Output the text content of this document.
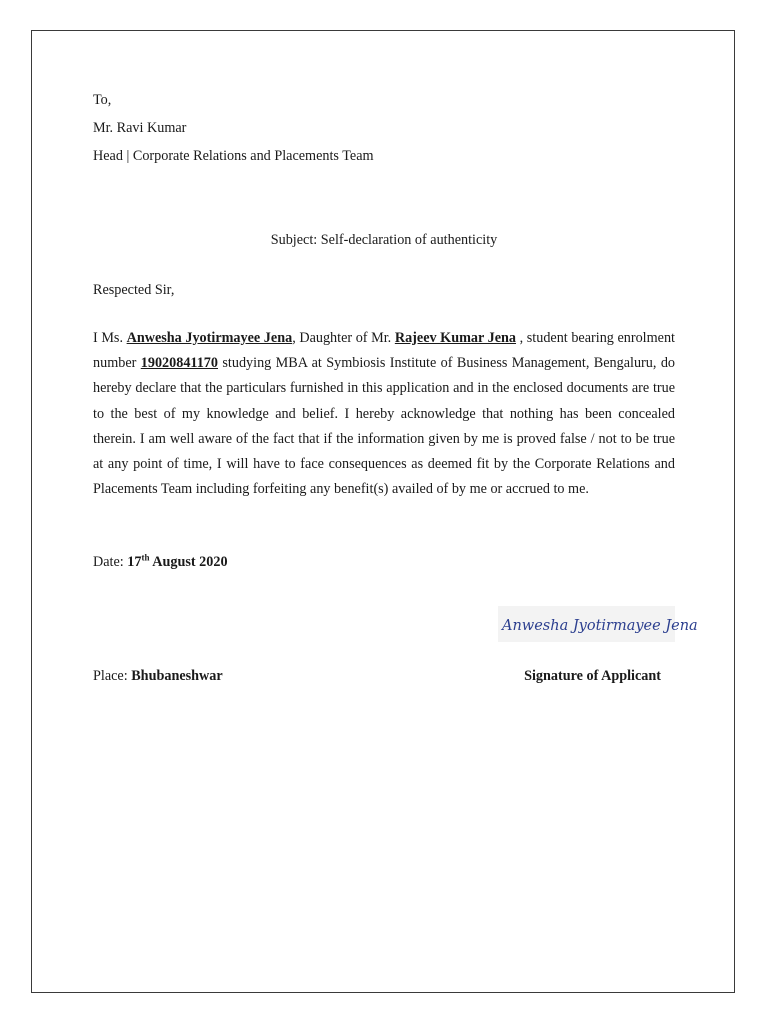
To,
Mr. Ravi Kumar
Head | Corporate Relations and Placements Team
Subject: Self-declaration of authenticity
Respected Sir,
I Ms. Anwesha Jyotirmayee Jena, Daughter of Mr. Rajeev Kumar Jena , student bearing enrolment number 19020841170 studying MBA at Symbiosis Institute of Business Management, Bengaluru, do hereby declare that the particulars furnished in this application and in the enclosed documents are true to the best of my knowledge and belief. I hereby acknowledge that nothing has been concealed therein. I am well aware of the fact that if the information given by me is proved false / not to be true at any point of time, I will have to face consequences as deemed fit by the Corporate Relations and Placements Team including forfeiting any benefit(s) availed of by me or accrued to me.
Date: 17th August 2020
Anwesha Jyotirmayee Jena
Place: Bhubaneshwar	Signature of Applicant
